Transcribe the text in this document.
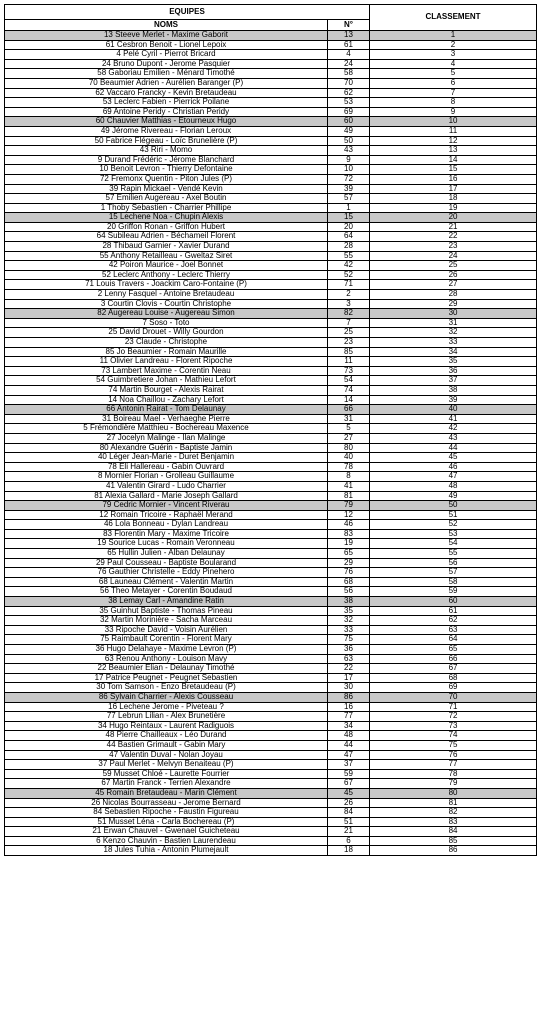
EQUIPES		CLASSEMENT
NOMS	N°	
13 Steeve Merlet - Maxime Gaborit	13	1
61 Cesbron Benoit - Lionel Lepoix	61	2
4 Pelé Cyril - Pierrot Bricard	4	3
24 Bruno Dupont - Jerome Pasquier	24	4
58 Gaboriau Emilien - Ménard Timothé	58	5
70 Beaumier Adrien - Aurélien Baranger (P)	70	6
62 Vaccaro Francky - Kevin Bretaudeau	62	7
53 Leclerc Fabien - Pierrick Poilane	53	8
69 Antoine Peridy - Christian Peridy	69	9
60 Chauvier Matthias - Etourneux Hugo	60	10
49 Jérome Rivereau - Florian Leroux	49	11
50 Fabrice Flégeau - Loïc Brunelière (P)	50	12
43 Riri - Momo	43	13
9 Durand Frédéric - Jérome Blanchard	9	14
10 Benoit Levron - Thierry Defontaine	10	15
72 Fremonx Quentin - Piton Jules (P)	72	16
39 Rapin Mickael - Vendé Kevin	39	17
57 Emilien Augereau - Axel Boutin	57	18
1 Thoby Sebastien - Charrier Phillipe	1	19
15 Lechene Noa - Chupin Alexis	15	20
20 Griffon Ronan - Griffon Hubert	20	21
64 Subileau Adrien - Béchameil Florent	64	22
28 Thibaud Garnier - Xavier Durand	28	23
55 Anthony Retailleau - Gweltaz Siret	55	24
42 Poiron Maurice - Joel Bonnet	42	25
52 Leclerc Anthony - Leclerc Thierry	52	26
71 Louis Travers - Joackim Caro-Fontaine (P)	71	27
2 Lenny Fasquel - Antoine Bretaudeau	2	28
3 Courtin Clovis - Courtin Christophe	3	29
82 Augereau Louise - Augereau Simon	82	30
7 Soso - Toto	7	31
25 David Drouet - Willy Gourdon	25	32
23 Claude - Christophe	23	33
85 Jo Beaumier - Romain Maurille	85	34
11 Olivier Landreau - Florent Ripoche	11	35
73 Lambert Maxime - Corentin Neau	73	36
54 Guimbretiere Johan - Mathieu Lefort	54	37
74 Martin Bourget - Alexis Rairat	74	38
14 Noa Chaillou - Zachary Lefort	14	39
66 Antonin Rairat - Tom Delaunay	66	40
31 Boireau Mael - Verhaeghe Pierre	31	41
5 Frémondière Matthieu - Bochereau Maxence	5	42
27 Jocelyn Malinge - Ilan Malinge	27	43
80 Alexandre Guérin - Baptiste Jamin	80	44
40 Léger Jean-Marie - Duret Benjamin	40	45
78 Eli Hallereau - Gabin Ouvrard	78	46
8 Mornier Florian - Grolleau Guillaume	8	47
41 Valentin Girard - Ludo Charrier	41	48
81 Alexia Gallard - Marie Joseph Gallard	81	49
79 Cedric Mornier - Vincent Riverau	79	50
12 Romain Tricoire - Raphaël Merand	12	51
46 Lola Bonneau - Dylan Landreau	46	52
83 Florentin Mary - Maxime Tricoire	83	53
19 Sourice Lucas - Romain Veronneau	19	54
65 Hullin Julien - Alban Delaunay	65	55
29 Paul Cousseau - Baptiste Boularand	29	56
76 Gauthier Christelle - Eddy Pinehero	76	57
68 Launeau Clément - Valentin Martin	68	58
56 Theo Metayer - Corentin Boudaud	56	59
38 Lemay Carl - Amandine Ratin	38	60
35 Guinhut Baptiste - Thomas Pineau	35	61
32 Martin Morinière - Sacha Marceau	32	62
33 Ripoche David - Voisin Aurélien	33	63
75 Raimbault Corentin - Florent Mary	75	64
36 Hugo Delahaye - Maxime Levron (P)	36	65
63 Renou Anthony - Louison Mavy	63	66
22 Beaumier Elian - Delaunay Timothé	22	67
17 Patrice Peugnet - Peugnet Sebastien	17	68
30 Tom Samson - Enzo Bretaudeau (P)	30	69
86 Sylvain Charrier - Alexis Cousseau	86	70
16 Lechene Jerome - Piveteau ?	16	71
77 Lebrun Lilian - Alex Brunetière	77	72
34 Hugo Reintaux - Laurent Radiguois	34	73
48 Pierre Chailleaux - Léo Durand	48	74
44 Bastien Grimault - Gabin Mary	44	75
47 Valentin Duval - Nolan Joyau	47	76
37 Paul Merlet - Melvyn Benaiteau (P)	37	77
59 Musset Chloé - Laurette Fourrier	59	78
67 Martin Franck - Terrien Alexandre	67	79
45 Romain Bretaudeau - Marin Clément	45	80
26 Nicolas Bourrasseau - Jerome Bernard	26	81
84 Sebastien Ripoche - Faustin Figureau	84	82
51 Musset Léna - Carla Bochereau (P)	51	83
21 Erwan Chauvel - Gwenael Guicheteau	21	84
6 Kenzo Chauvin - Bastien Laurendeau	6	85
18 Jules Tuhia - Antonin Plumejault	18	86
